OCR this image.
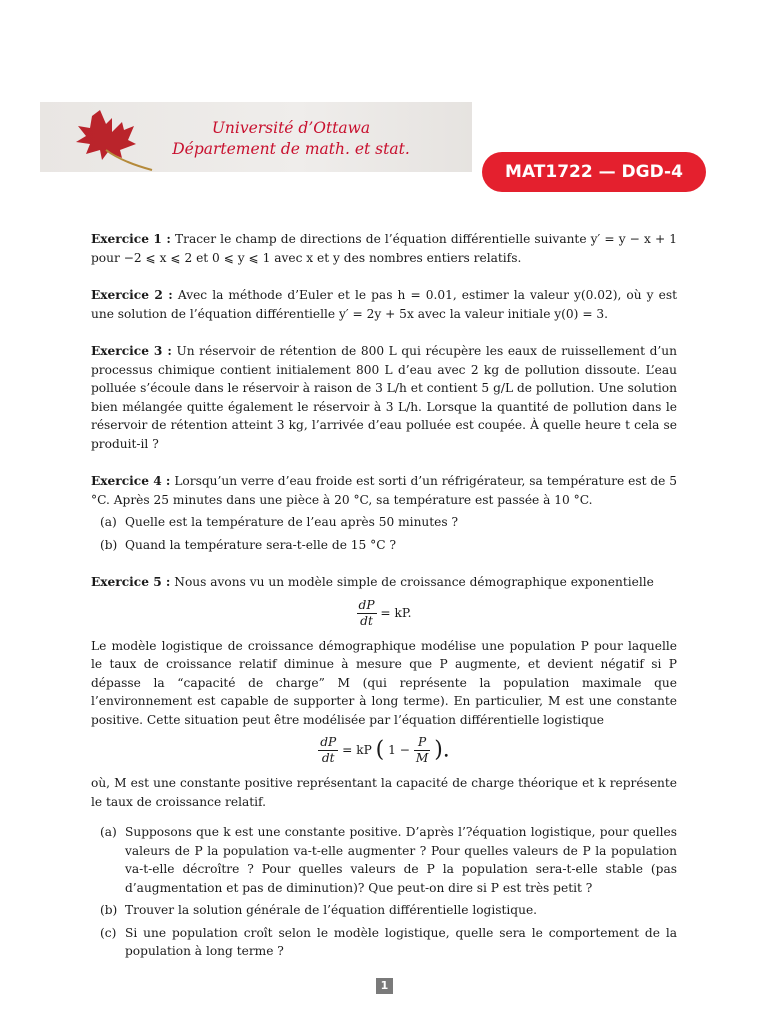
Université d’Ottawa
Département de math. et stat.
MAT1722 — DGD-4

Exercice 1 : Tracer le champ de directions de l’équation différentielle suivante y′ = y − x + 1 pour −2 ⩽ x ⩽ 2 et 0 ⩽ y ⩽ 1 avec x et y des nombres entiers relatifs.

Exercice 2 : Avec la méthode d’Euler et le pas h = 0.01, estimer la valeur y(0.02), où y est une solution de l’équation différentielle y′ = 2y + 5x avec la valeur initiale y(0) = 3.

Exercice 3 : Un réservoir de rétention de 800 L qui récupère les eaux de ruissellement d’un processus chimique contient initialement 800 L d’eau avec 2 kg de pollution dissoute. L’eau polluée s’écoule dans le réservoir à raison de 3 L/h et contient 5 g/L de pollution. Une solution bien mélangée quitte également le réservoir à 3 L/h. Lorsque la quantité de pollution dans le réservoir de rétention atteint 3 kg, l’arrivée d’eau polluée est coupée. À quelle heure t cela se produit-il ?

Exercice 4 : Lorsqu’un verre d’eau froide est sorti d’un réfrigérateur, sa température est de 5 °C. Après 25 minutes dans une pièce à 20 °C, sa température est passée à 10 °C.
(a) Quelle est la température de l’eau après 50 minutes ?
(b) Quand la température sera-t-elle de 15 °C ?
Exercice 5 : Nous avons vu un modèle simple de croissance démographique exponentielle
$\frac{dP}{dt}$ = kP.
Le modèle logistique de croissance démographique modélise une population P pour laquelle le taux de croissance relatif diminue à mesure que P augmente, et devient négatif si P dépasse la “capacité de charge” M (qui représente la population maximale que l’environnement est capable de supporter à long terme). En particulier, M est une constante positive. Cette situation peut être modélisée par l’équation différentielle logistique
$\frac{dP}{dt}$ = kP ( $1 - \frac{P}{M}$ ).
où, M est une constante positive représentant la capacité de charge théorique et k représente le taux de croissance relatif.
(a) Supposons que k est une constante positive. D’après l’?équation logistique, pour quelles valeurs de P la population va-t-elle augmenter ? Pour quelles valeurs de P la population va-t-elle décroître ? Pour quelles valeurs de P la population sera-t-elle stable (pas d’augmentation et pas de diminution)? Que peut-on dire si P est très petit ?
(b) Trouver la solution générale de l’équation différentielle logistique.
(c) Si une population croît selon le modèle logistique, quelle sera le comportement de la population à long terme ?
1
